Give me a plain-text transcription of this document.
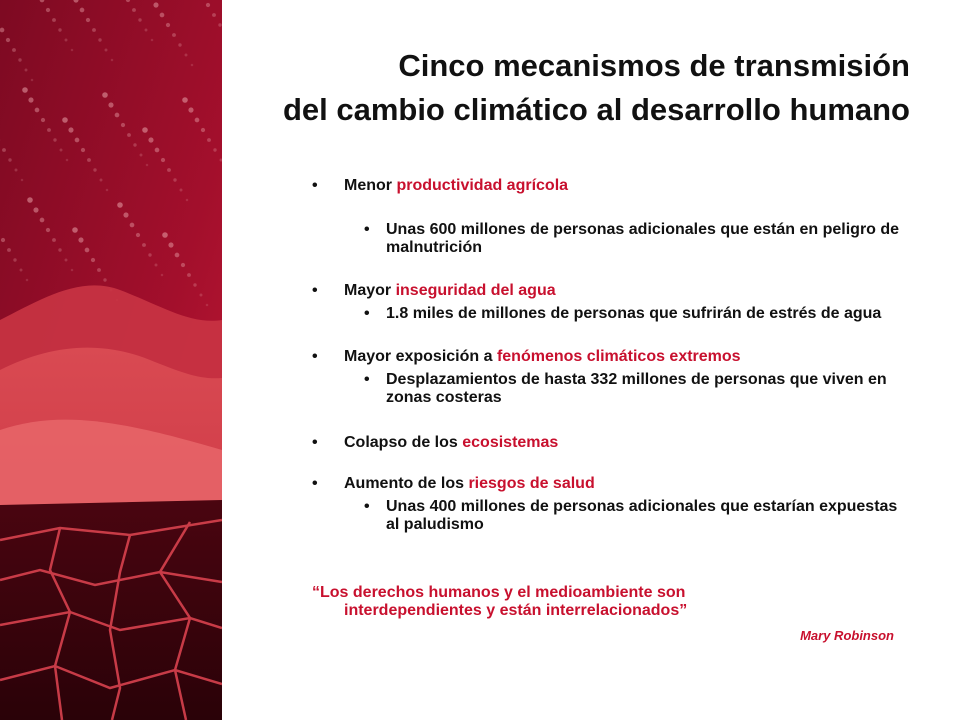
Cinco mecanismos de transmisión
del cambio climático al desarrollo humano
• Menor productividad agrícola
• Unas 600 millones de personas adicionales que están en peligro de malnutrición
• Mayor inseguridad del agua
• 1.8 miles de millones de personas que sufrirán de estrés de agua
• Mayor exposición a fenómenos climáticos extremos
• Desplazamientos de hasta 332 millones de personas que viven en zonas costeras
• Colapso de los ecosistemas
• Aumento de los riesgos de salud
• Unas 400 millones de personas adicionales que estarían expuestas al paludismo
“Los derechos humanos y el medioambiente son
interdependientes y están interrelacionados”
Mary Robinson
